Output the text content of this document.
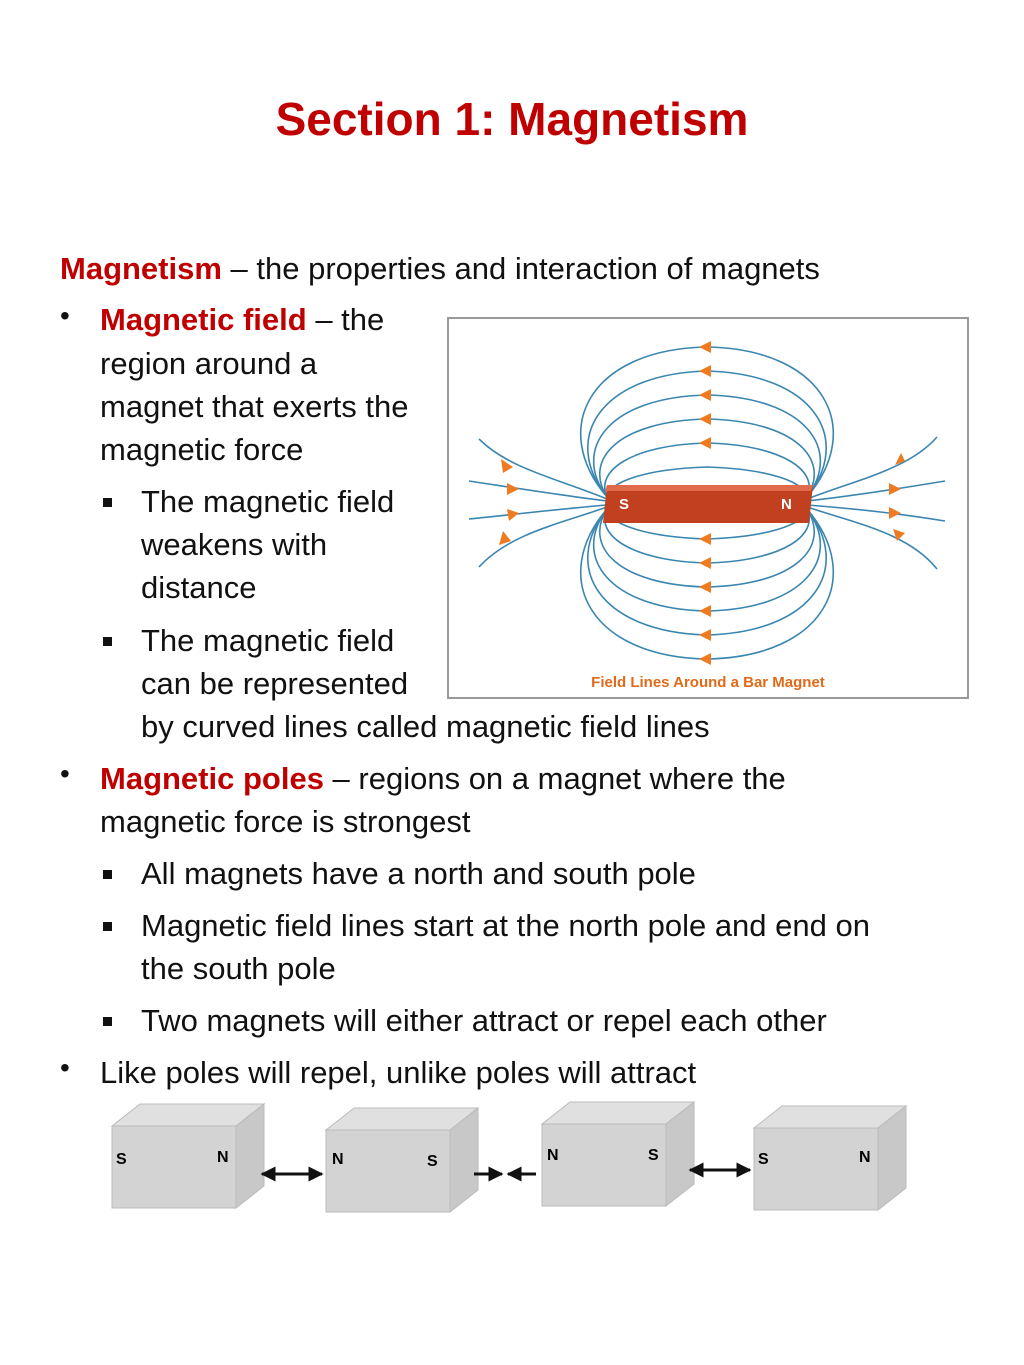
Section 1: Magnetism
Magnetism – the properties and interaction of magnets
• Magnetic field – the
region around a
magnet that exerts the
magnetic force
The magnetic field
weakens with
distance
The magnetic field
can be represented
by curved lines called magnetic field lines
S	N
Field Lines Around a Bar Magnet
• Magnetic poles – regions on a magnet where the
magnetic force is strongest
All magnets have a north and south pole
Magnetic field lines start at the north pole and end on
the south pole
Two magnets will either attract or repel each other
• Like poles will repel, unlike poles will attract
S	N	N	S	N	S	S	N
